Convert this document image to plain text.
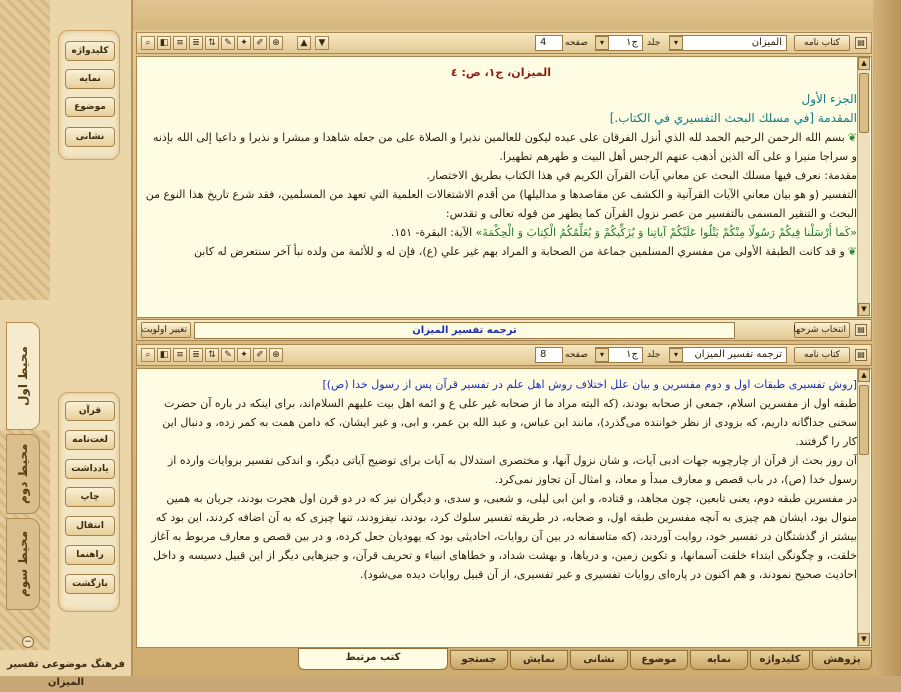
کلیدواژه
نمایه
موضوع
نشانی
محیط اول
محیط دوم
محیط سوم
قرآن
لغت‌نامه
یادداشت
چاپ
انتقال
راهنما
بازگشت
−
فرهنگ موضوعی تفسیر المیزان
▤
کتاب نامه
المیزان
▾
جلد
ج١
▾
صفحه
4
▲	▼
⌕	◧ ≡ ≣ ⇅ ✎ ✦ ✐ ⊕
الميزان، ج١، ص: ٤
الجزء الأول
المقدمة [في مسلك البحث التفسيري في الكتاب.]

❦بسم الله الرحمن الرحيم الحمد لله الذي أنزل الفرقان على عبده ليكون للعالمين نذيرا و الصلاة على من جعله شاهدا و مبشرا و نذيرا و داعيا إلى الله بإذنه و سراجا منيرا و على آله الذين أذهب عنهم الرجس أهل البيت و طهرهم تطهيرا.

مقدمة: نعرف فيها مسلك البحث عن معاني آيات القرآن الكريم في هذا الكتاب بطريق الاختصار.

التفسير (و هو بيان معاني الآيات القرآنية و الكشف عن مقاصدها و مداليلها) من أقدم الاشتغالات العلمية التي تعهد من المسلمين، فقد شرع تاريخ هذا النوع من البحث و التنقير المسمى بالتفسير من عصر نزول القرآن كما يظهر من قوله تعالى و تقدس:

«كَما أَرْسَلْنا فِيكُمْ رَسُولًا مِنْكُمْ يَتْلُوا عَلَيْكُمْ آياتِنا وَ يُزَكِّيكُمْ وَ يُعَلِّمُكُمُ الْكِتابَ وَ الْحِكْمَةَ» الآية: البقرة- ١٥١.

❦و قد كانت الطبقة الأولى من مفسري المسلمين جماعة من الصحابة و المراد بهم غير علي (ع)، فإن له و للأئمة من ولده نبأ آخر سنتعرض له كابن

▲
▼
▤
انتخاب شرحها
ترجمه تفسير الميزان
تغییر اولویت
▤
کتاب نامه
ترجمه تفسیر المیزان
▾
جلد
ج١
▾
صفحه
8
⌕	◧ ≡ ≣ ⇅ ✎ ✦ ✐ ⊕
[روش تفسيرى طبقات اول و دوم مفسرين و بيان علل اختلاف روش اهل علم در تفسير قرآن پس از رسول خدا (ص)]

طبقه اول از مفسرين اسلام، جمعى از صحابه بودند، (كه البته مراد ما از صحابه غير على ع و ائمه اهل بيت عليهم السلام‌اند، براى اينكه در باره آن حضرت سخنى جداگانه داريم، كه بزودى از نظر خواننده مى‌گذرد)، مانند ابن عباس، و عبد الله بن عمر، و ابى، و غير ايشان، كه دامن همت به كمر زده، و دنبال اين كار را گرفتند.

آن روز بحث از قرآن از چارچوبه جهات ادبى آيات، و شان نزول آنها، و مختصرى استدلال به آيات براى توضيح آياتى ديگر، و اندكى تفسير بروايات وارده از رسول خدا (ص)، در باب قصص و معارف مبدأ و معاد، و امثال آن تجاوز نمى‌كرد.

در مفسرين طبقه دوم، يعنى تابعين، چون مجاهد، و قتاده، و ابن ابى ليلى، و شعبى، و سدى، و ديگران نيز كه در دو قرن اول هجرت بودند، جريان به همين منوال بود، ايشان هم چيزى به آنچه مفسرين طبقه اول، و صحابه، در طريقه تفسير سلوك كرد، بودند، نيفزودند، تنها چيزى كه به آن اضافه كردند، اين بود كه بيشتر از گذشتگان در تفسير خود، روايت آوردند، (كه متاسفانه در بين آن روايات، احاديثى بود كه يهوديان جعل كرده، و در بين قصص و معارف مربوط به آغاز خلقت، و چگونگى ابتداء خلقت آسمانها، و تكوين زمين، و درياها، و بهشت شداد، و خطاهاى انبياء و تحريف قرآن، و جيزهايى ديگر از اين قبيل دسيسه و داخل احاديث صحيح نمودند، و هم اكنون در پاره‌اى روايات تفسيرى و غير تفسيرى، از آن قبيل روايات ديده مى‌شود).

▲
▼
پژوهش
کلیدواژه
نمایه
موضوع
نشانی
نمایش
جستجو
کتب مرتبط
